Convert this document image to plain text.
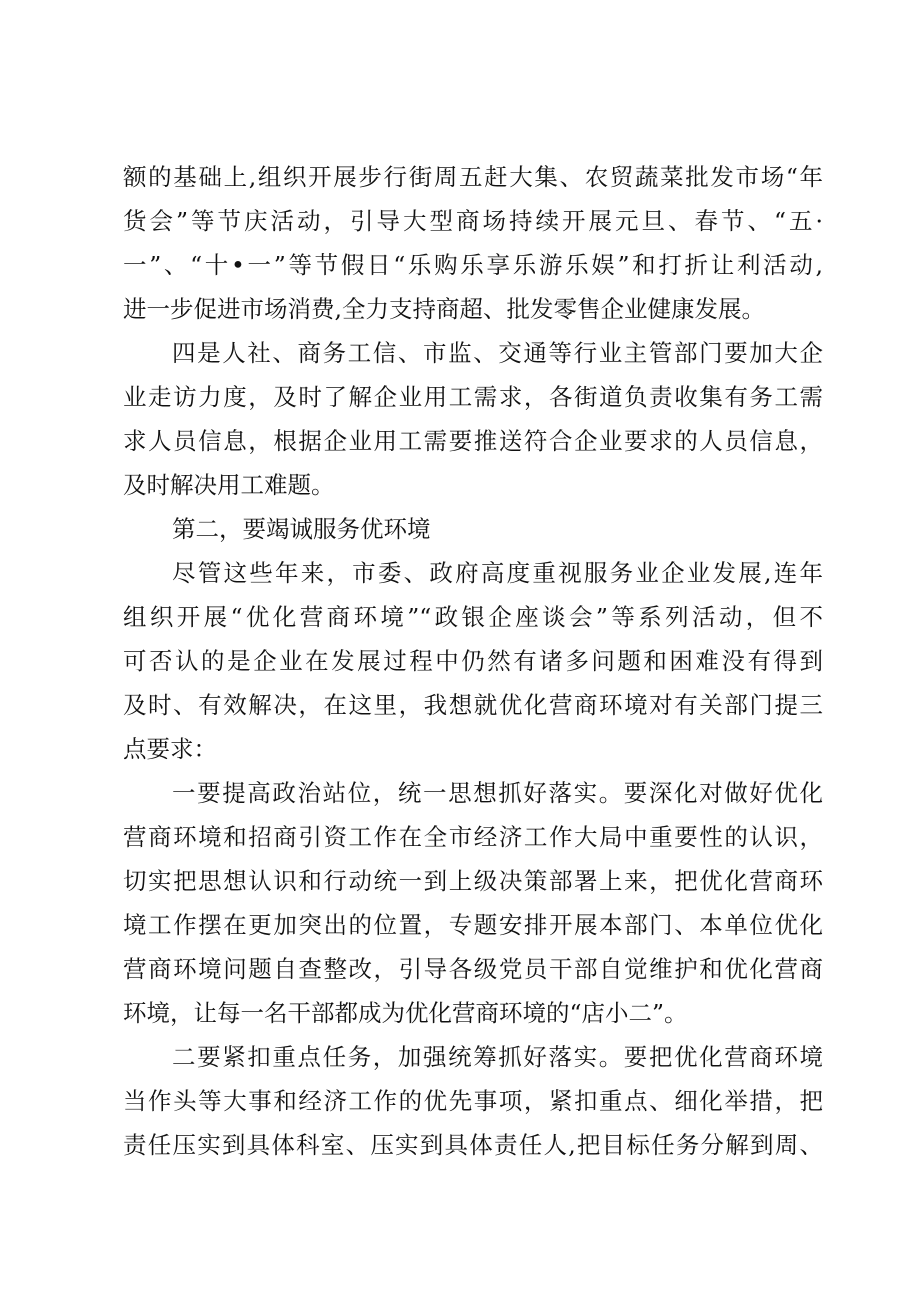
额的基础上,组织开展步行街周五赶大集、农贸蔬菜批发市场“年
货会”等节庆活动，引导大型商场持续开展元旦、春节、“五·
一”、“十•一”等节假日“乐购乐享乐游乐娱”和打折让利活动,
进一步促进市场消费,全力支持商超、批发零售企业健康发展。
四是人社、商务工信、市监、交通等行业主管部门要加大企
业走访力度，及时了解企业用工需求，各街道负责收集有务工需
求人员信息，根据企业用工需要推送符合企业要求的人员信息，
及时解决用工难题。
第二，要竭诚服务优环境
尽管这些年来，市委、政府高度重视服务业企业发展,连年
组织开展“优化营商环境”“政银企座谈会”等系列活动，但不
可否认的是企业在发展过程中仍然有诸多问题和困难没有得到
及时、有效解决，在这里，我想就优化营商环境对有关部门提三
点要求：
一要提高政治站位，统一思想抓好落实。要深化对做好优化
营商环境和招商引资工作在全市经济工作大局中重要性的认识，
切实把思想认识和行动统一到上级决策部署上来，把优化营商环
境工作摆在更加突出的位置，专题安排开展本部门、本单位优化
营商环境问题自查整改，引导各级党员干部自觉维护和优化营商
环境，让每一名干部都成为优化营商环境的“店小二”。
二要紧扣重点任务，加强统筹抓好落实。要把优化营商环境
当作头等大事和经济工作的优先事项，紧扣重点、细化举措，把
责任压实到具体科室、压实到具体责任人,把目标任务分解到周、
